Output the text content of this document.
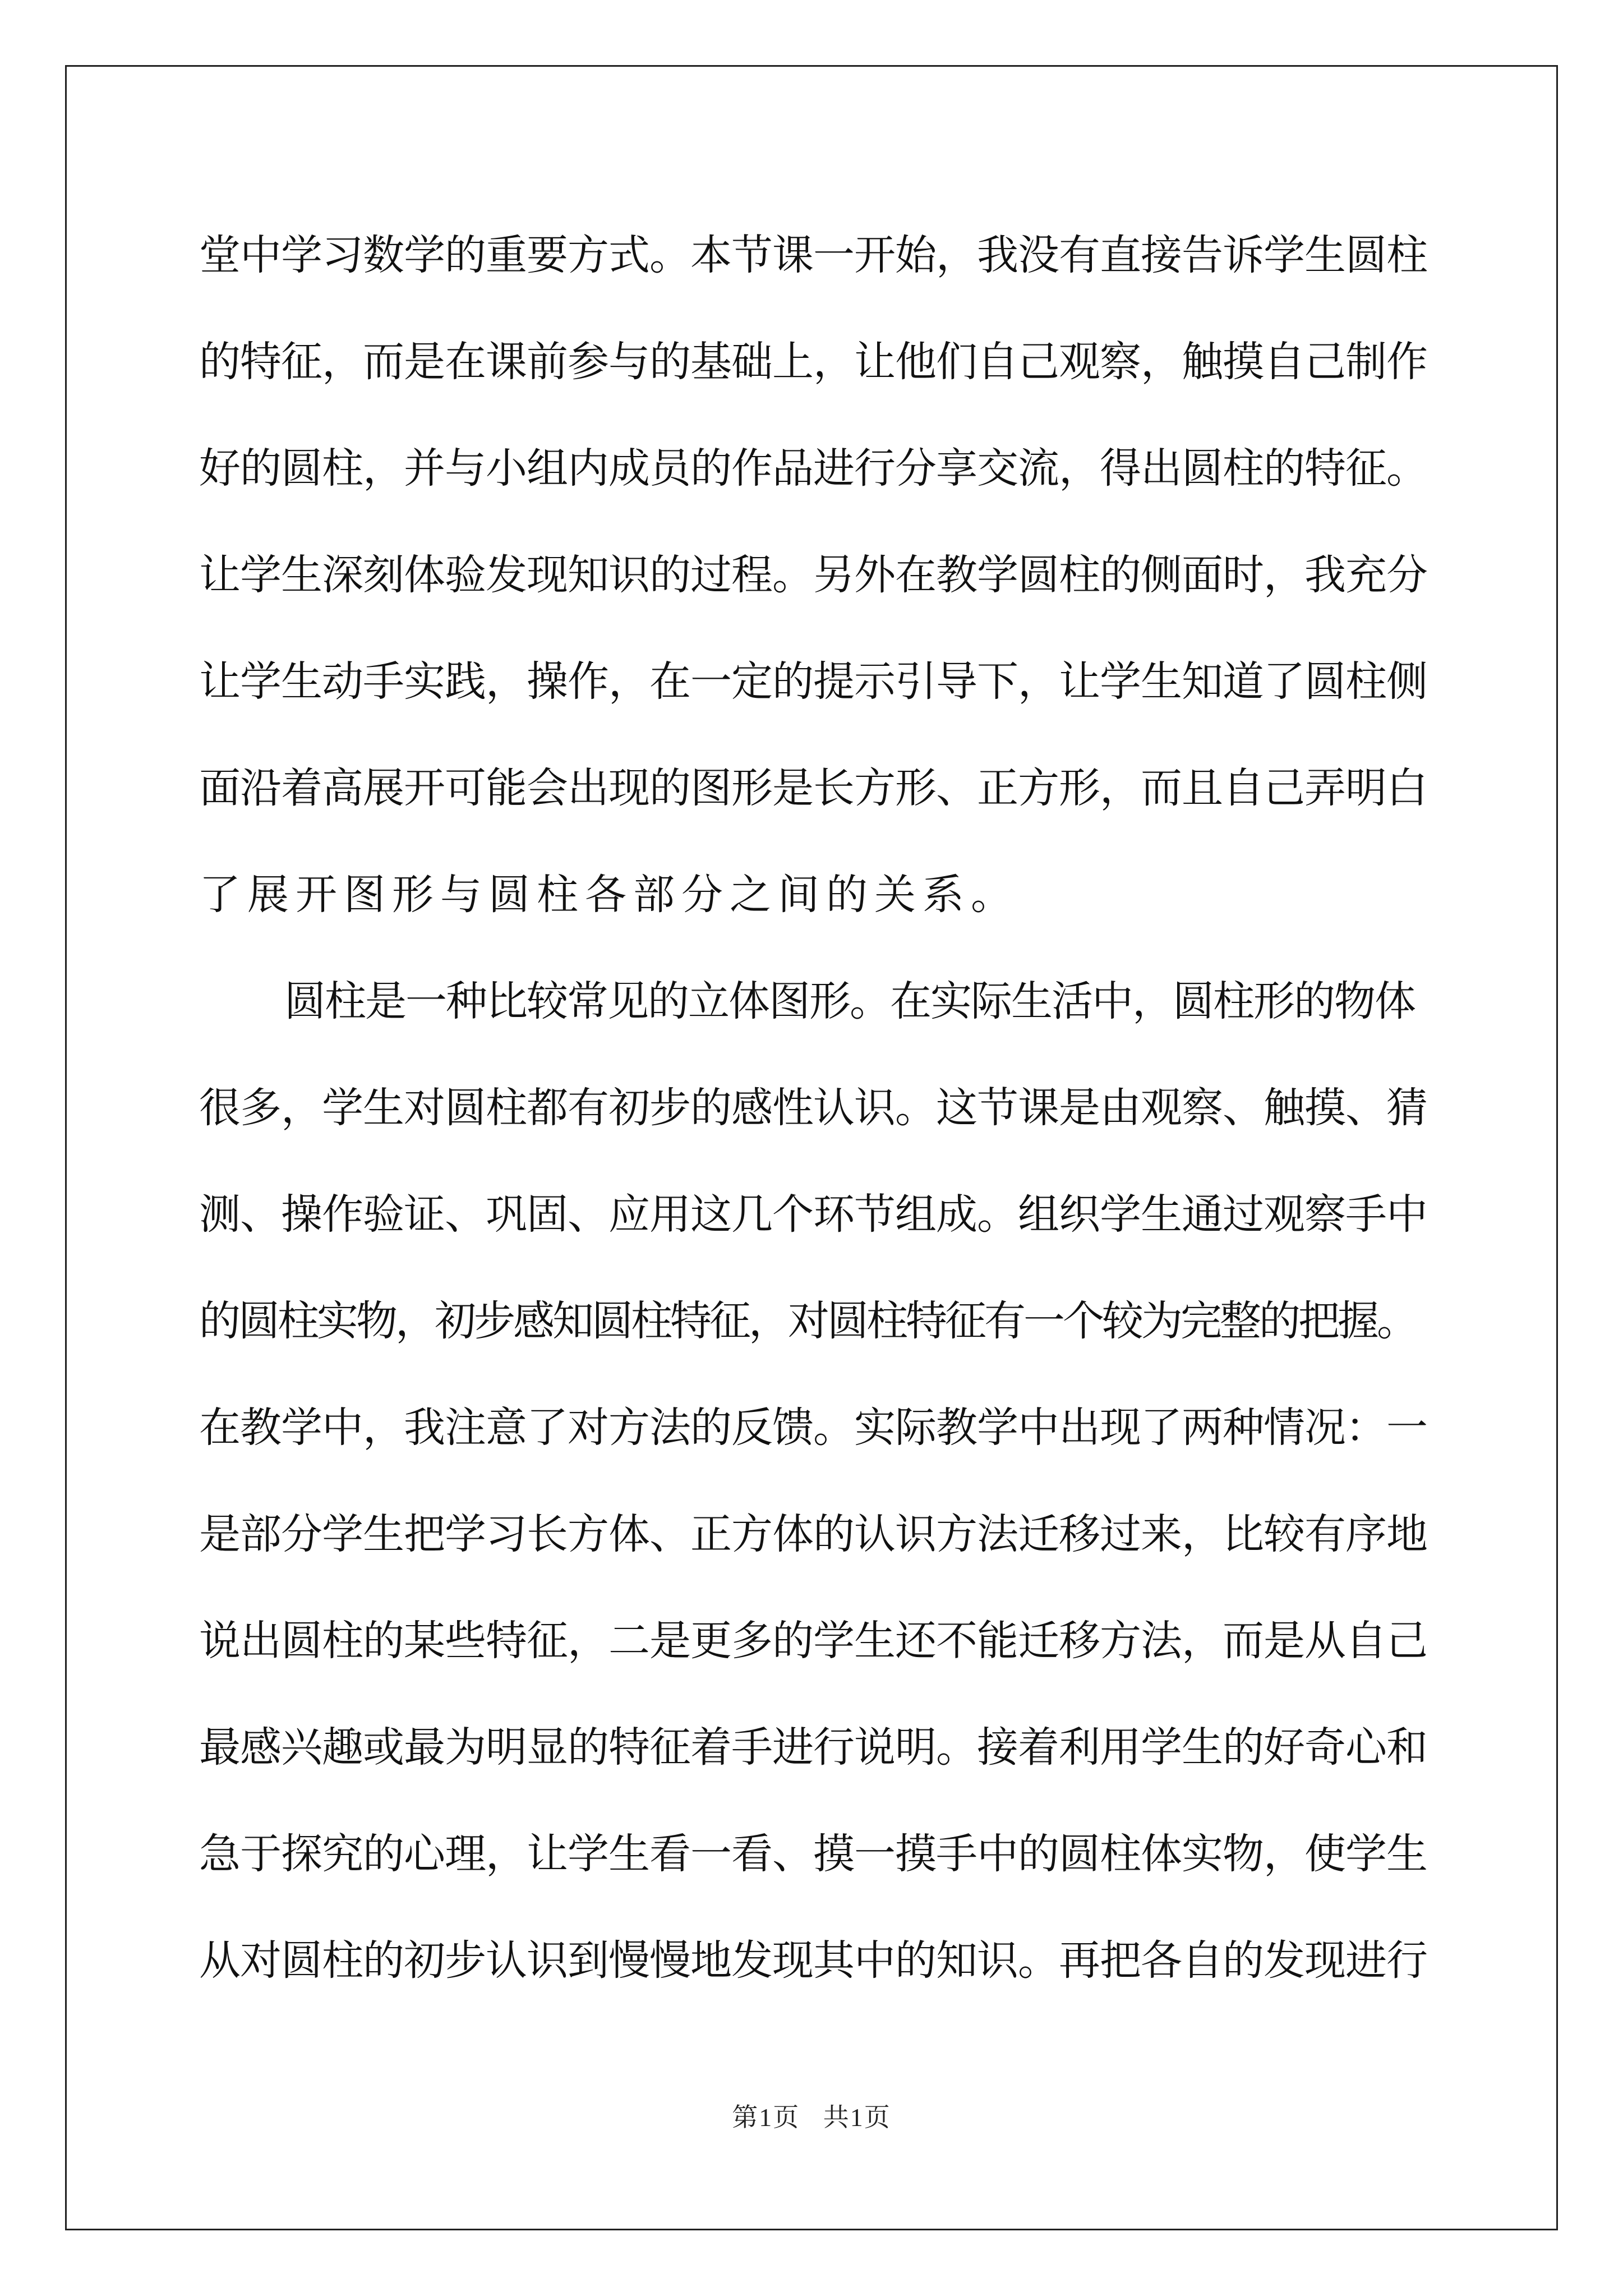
堂中学习数学的重要方式。本节课一开始，我没有直接告诉学生圆柱
的特征，而是在课前参与的基础上，让他们自己观察，触摸自己制作
好的圆柱，并与小组内成员的作品进行分享交流，得出圆柱的特征。
让学生深刻体验发现知识的过程。另外在教学圆柱的侧面时，我充分
让学生动手实践，操作，在一定的提示引导下，让学生知道了圆柱侧
面沿着高展开可能会出现的图形是长方形、正方形，而且自己弄明白
了展开图形与圆柱各部分之间的关系。
圆柱是一种比较常见的立体图形。在实际生活中，圆柱形的物体
很多，学生对圆柱都有初步的感性认识。这节课是由观察、触摸、猜
测、操作验证、巩固、应用这几个环节组成。组织学生通过观察手中
的圆柱实物，初步感知圆柱特征，对圆柱特征有一个较为完整的把握。
在教学中，我注意了对方法的反馈。实际教学中出现了两种情况：一
是部分学生把学习长方体、正方体的认识方法迁移过来，比较有序地
说出圆柱的某些特征，二是更多的学生还不能迁移方法，而是从自己
最感兴趣或最为明显的特征着手进行说明。接着利用学生的好奇心和
急于探究的心理，让学生看一看、摸一摸手中的圆柱体实物，使学生
从对圆柱的初步认识到慢慢地发现其中的知识。再把各自的发现进行
第1页 共1页
